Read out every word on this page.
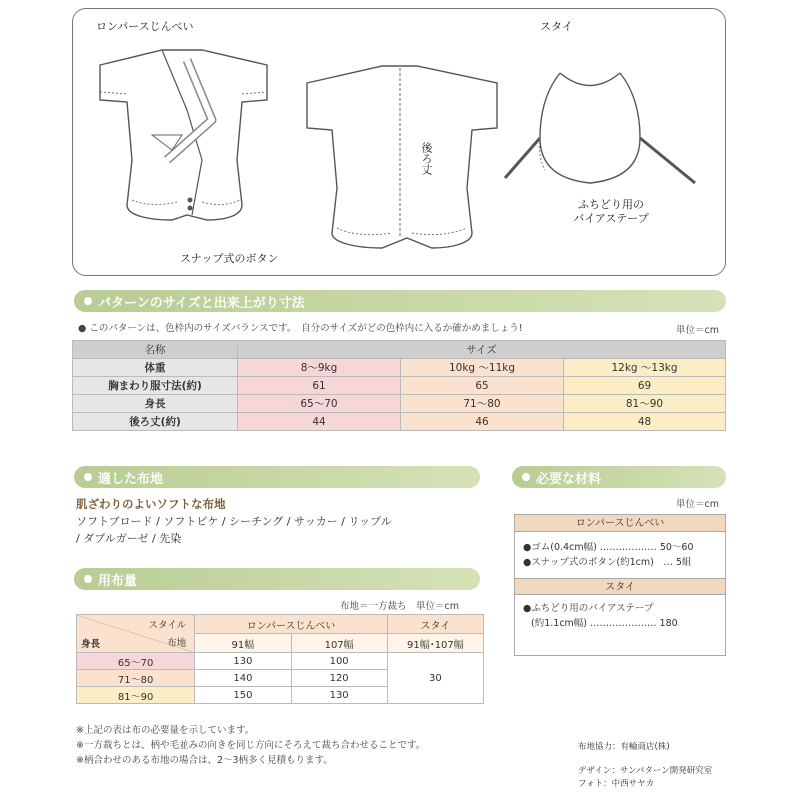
ロンパースじんべい	スタイ
後ろ丈
ふちどり用の
バイアステープ
スナップ式のボタン
パターンのサイズと出来上がり寸法
● このパターンは、色枠内のサイズバランスです。　自分のサイズがどの色枠内に入るか確かめましょう!	単位＝cm
名称	サイズ		
体重	8～9kg	10kg ～11kg	12kg ～13kg
胸まわり服寸法(約)	61	65	69
身長	65～70	71～80	81～90
後ろ丈(約)	44	46	48
適した布地
肌ざわりのよいソフトな布地
ソフトブロード / ソフトピケ / シーチング / サッカー / リップル
/ ダブルガーゼ / 先染
必要な材料
単位＝cm
ロンパースじんべい
●ゴム(0.4cm幅) ……………… 50～60
●スナップ式のボタン(約1cm)　… 5組
スタイ
●ふちどり用のバイアステープ
(約1.1cm幅) ………………… 180
用布量
布地＝一方裁ち　単位＝cm
スタイル
布地
身長	ロンパースじんべい		スタイ
	91幅	107幅	91幅･107幅
65～70	130	100	30
71～80	140	120	
81～90	150	130	
※上記の表は布の必要量を示しています。
※一方裁ちとは、柄や毛並みの向きを同じ方向にそろえて裁ち合わせることです。
※柄合わせのある布地の場合は、2～3柄多く見積もります。
布地協力：有輪商店(株)
デザイン：サンパターン開発研究室
フォト：中西サヤカ
